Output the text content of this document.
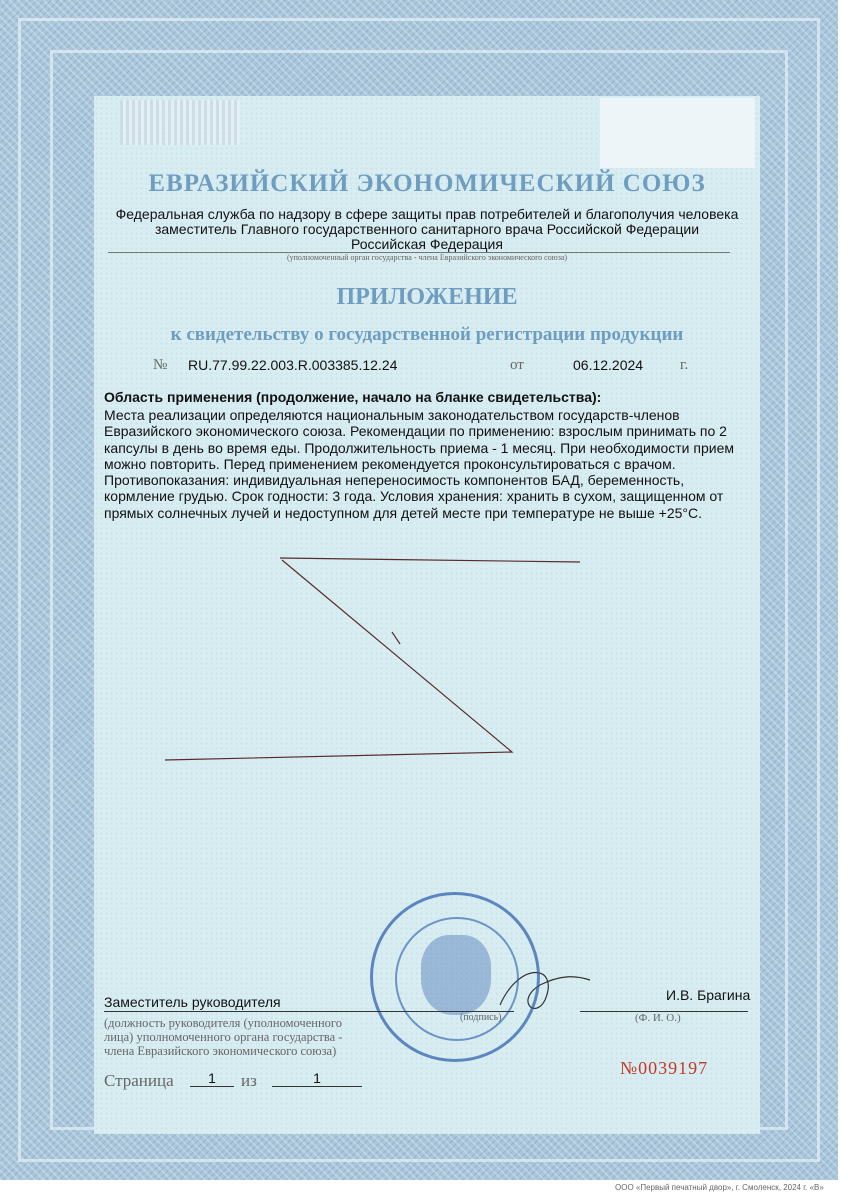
ЕВРАЗИЙСКИЙ ЭКОНОМИЧЕСКИЙ СОЮЗ
Федеральная служба по надзору в сфере защиты прав потребителей и благополучия человека
заместитель Главного государственного санитарного врача Российской Федерации
Российская Федерация
(уполномоченный орган государства - члена Евразийского экономического союза)
ПРИЛОЖЕНИЕ
к свидетельству о государственной регистрации продукции
№ RU.77.99.22.003.R.003385.12.24	от	06.12.2024 г.
Область применения (продолжение, начало на бланке свидетельства):
Места реализации определяются национальным законодательством государств-членов
Евразийского экономического союза. Рекомендации по применению: взрослым принимать по 2
капсулы в день во время еды. Продолжительность приема - 1 месяц. При необходимости прием
можно повторить. Перед применением рекомендуется проконсультироваться с врачом.
Противопоказания: индивидуальная непереносимость компонентов БАД, беременность,
кормление грудью. Срок годности: 3 года. Условия хранения: хранить в сухом, защищенном от
прямых солнечных лучей и недоступном для детей месте при температуре не выше +25°С.
Заместитель руководителя	И.В. Брагина
(Ф. И. О.)
(подпись)
(должность руководителя (уполномоченного
лица) уполномоченного органа государства -
члена Евразийского экономического союза)
№0039197
Страница	1	из	1
ООО «Первый печатный двор», г. Смоленск, 2024 г. «В»
